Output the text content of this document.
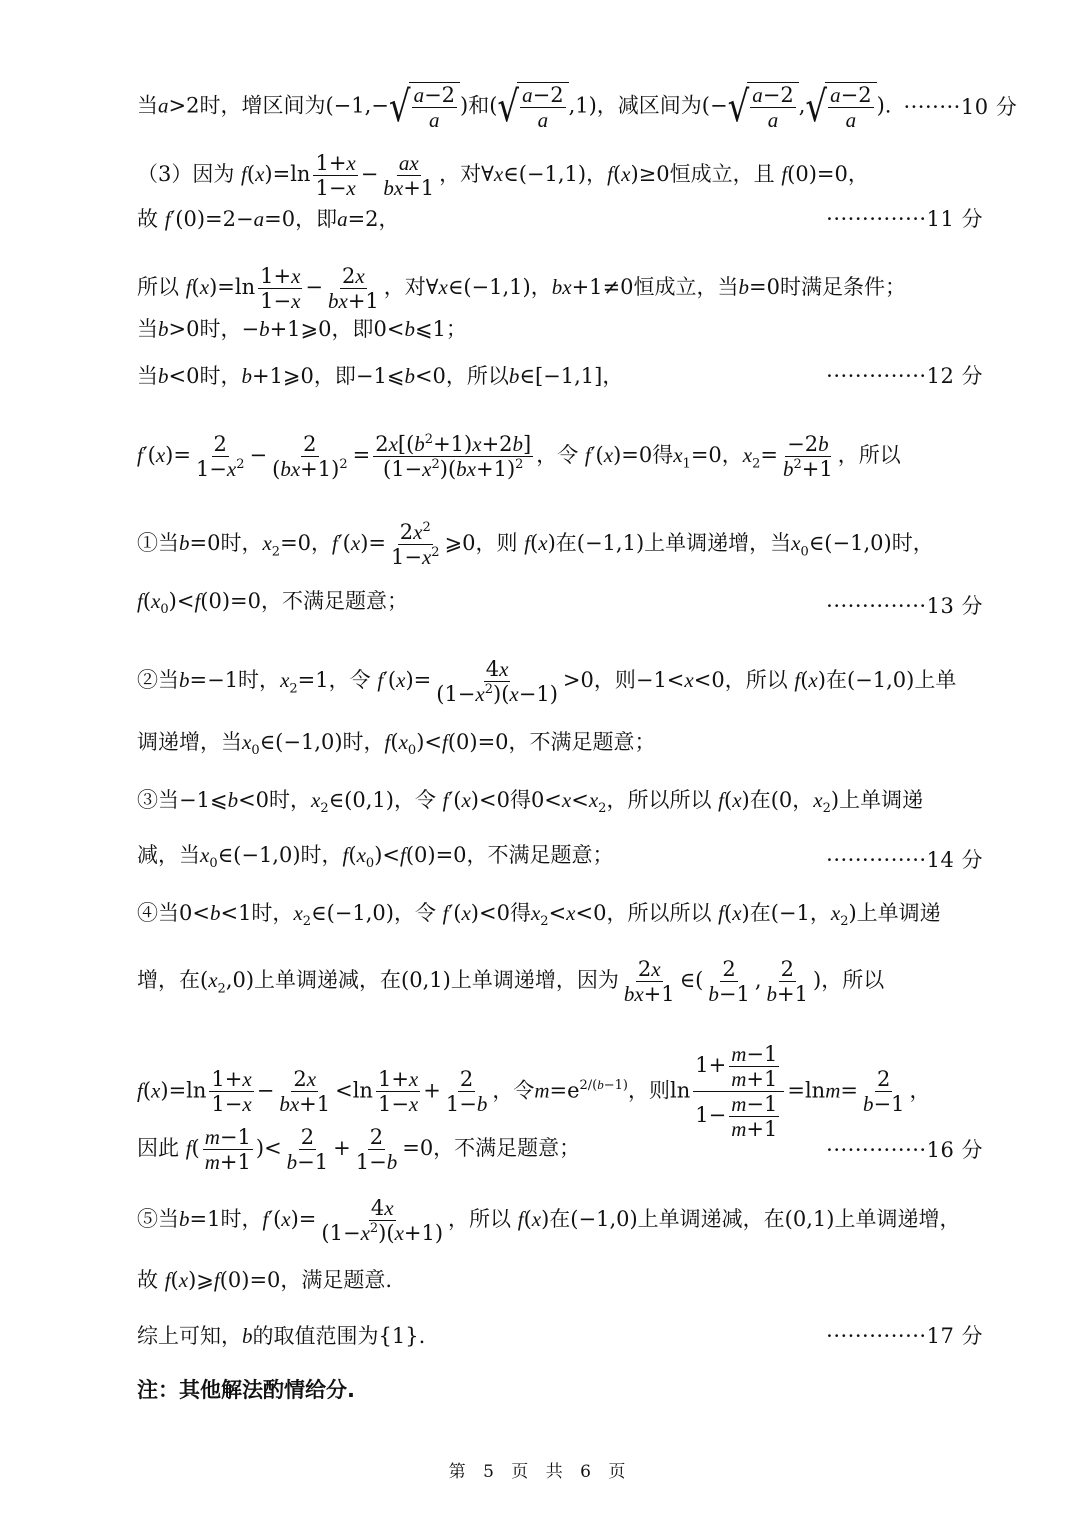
当a>2时，增区间为(−1,− √ $\frac{a-2}{a}$ )和( √ $\frac{a-2}{a} ,1$)，减区间为(− √ $\frac{a-2}{a}$ , √ $\frac{a-2}{a}$ ). ········10 分
（3）因为 $f(x)=\ln \frac{1+x}{1-x} - \frac{ax}{bx+1}$ ，对∀x∈(−1,1)，f(x)≥0恒成立，且 f(0)=0，
故 f′(0)=2−a=0，即a=2，	··············11 分
所以 $f(x)=\ln \frac{1+x}{1-x} - \frac{2x}{bx+1}$ ，对∀x∈(−1,1)，bx+1≠0恒成立，当b=0时满足条件；
当b>0时，−b+1⩾0，即0<b⩽1；
当b<0时，b+1⩾0，即−1⩽b<0，所以b∈[−1,1]，	··············12 分
$f'(x)= \frac{2}{1-x^2} - \frac{2}{(bx+1)^2} = \frac{2x[(b^2+1)x+2b]}{(1-x^2)(bx+1)^2}$ ，令 f′(x)=0得$x_1=0$，$x_2= \frac{-2b}{b^2+1}$ ，所以
①当b=0时，$x_2=0$，$f'(x)= \frac{2x^2}{1-x^2}$ ⩾0，则 f(x)在(−1,1)上单调递增，当$x_0\in(-1,0)$时，
$f(x_0)<f(0)=0$，不满足题意；	··············13 分
②当b=−1时，$x_2=1$，令 $f'(x)= \frac{4x}{(1-x^2)(x-1)} >0$，则−1<x<0，所以 f(x)在(−1,0)上单
调递增，当$x_0\in(-1,0)$时，$f(x_0)<f(0)=0$，不满足题意；
③当−1⩽b<0时，$x_2\in(0,1)$，令 f′(x)<0得$0<x<x_2$，所以所以 f(x)在(0，$x_2$)上单调递
减，当$x_0\in(-1,0)$时，$f(x_0)<f(0)=0$，不满足题意；	··············14 分
④当0<b<1时，$x_2\in(-1,0)$，令 f′(x)<0得$x_2<x<0$，所以所以 f(x)在(−1，$x_2$)上单调递
增，在$(x_2,0)$上单调递减，在(0,1)上单调递增，因为 $\frac{2x}{bx+1}$ ∈( $\frac{2}{b-1}$ , $\frac{2}{b+1}$ )，所以
$f(x)=\ln \frac{1+x}{1-x} - \frac{2x}{bx+1} <\ln \frac{1+x}{1-x} + \frac{2}{1-b}$ ，令$m=e^{2/(b-1)}$，则$\ln \frac{1+ \frac{m-1}{m+1}}{1- \frac{m-1}{m+1}} =\ln m= \frac{2}{b-1}$ ，
因此 $f( \frac{m-1}{m+1}$ )< $\frac{2}{b-1} + \frac{2}{1-b} =0$，不满足题意；	··············16 分
⑤当b=1时，$f'(x)= \frac{4x}{(1-x^2)(x+1)}$ ，所以 f(x)在(−1,0)上单调递减，在(0,1)上单调递增，
故 f(x)⩾f(0)=0，满足题意.
综上可知，b的取值范围为{1}.	··············17 分
注：其他解法酌情给分.
第 5 页 共 6 页
